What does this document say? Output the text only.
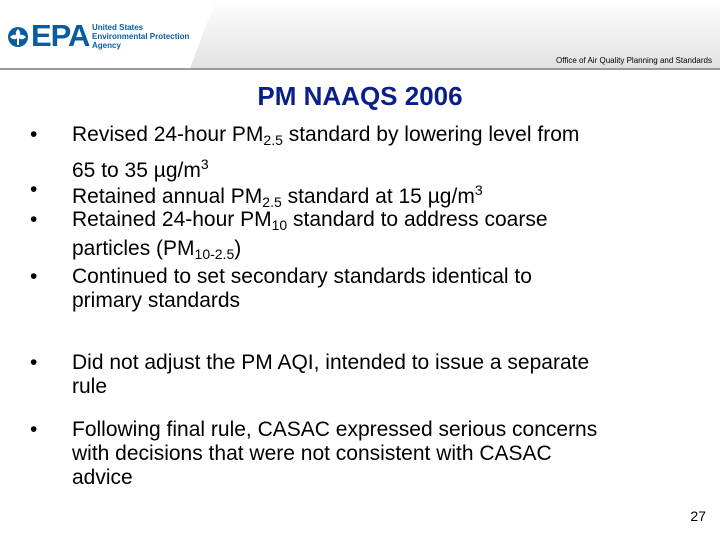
EPA United States
Environmental Protection
Agency
Office of Air Quality Planning and Standards
PM NAAQS 2006
• Revised 24-hour $PM_{2.5}$ standard by lowering level from
65 to 35 $\mu g/m^3$
• Retained annual $PM_{2.5}$ standard at 15 $\mu g/m^3$
• Retained 24-hour $PM_{10}$ standard to address coarse
particles $(PM_{10-2.5})$
• Continued to set secondary standards identical to
primary standards
• Did not adjust the PM AQI, intended to issue a separate
rule
• Following final rule, CASAC expressed serious concerns
with decisions that were not consistent with CASAC
advice
27
